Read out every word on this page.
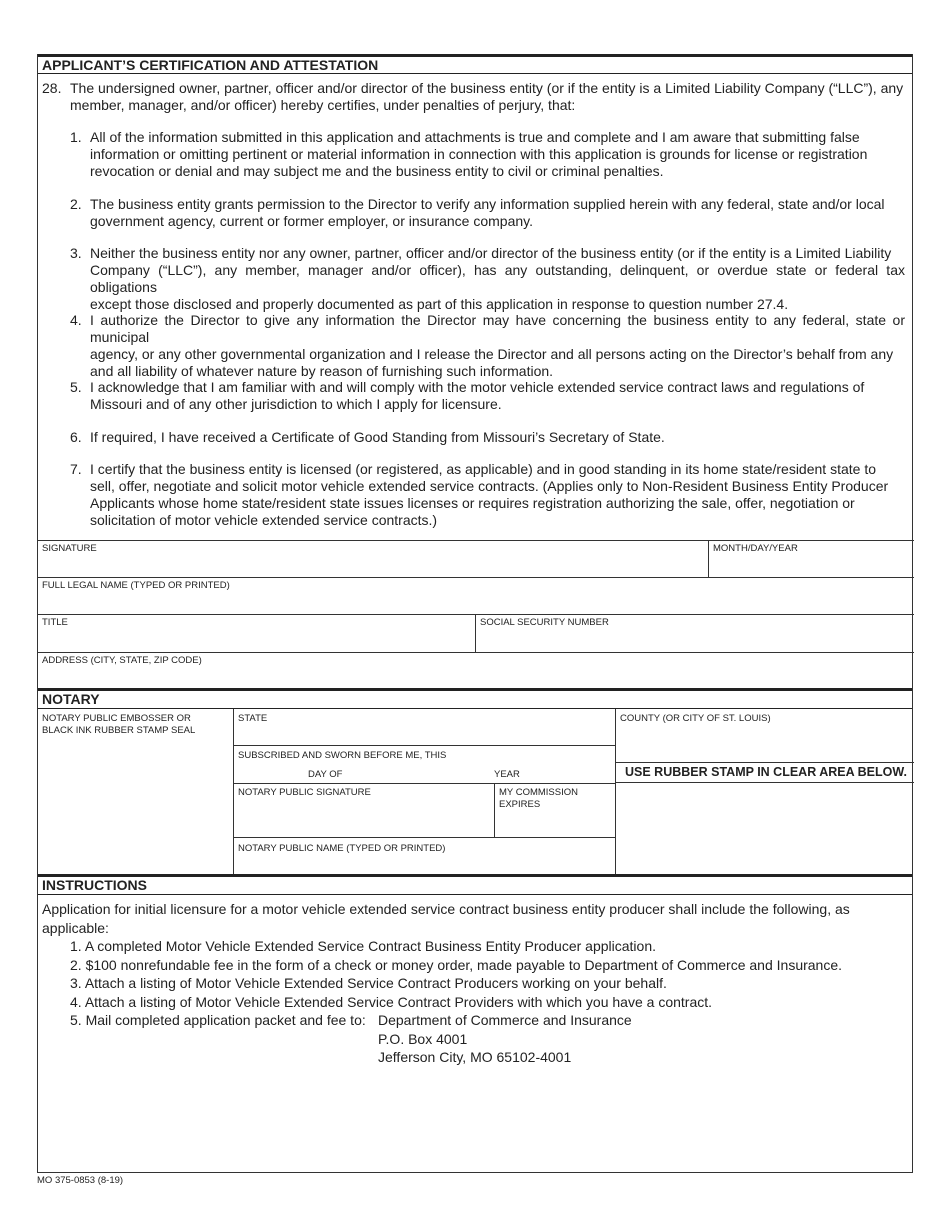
APPLICANT’S CERTIFICATION AND ATTESTATION
28. The undersigned owner, partner, officer and/or director of the business entity (or if the entity is a Limited Liability Company (“LLC”), any
member, manager, and/or officer) hereby certifies, under penalties of perjury, that:
1. All of the information submitted in this application and attachments is true and complete and I am aware that submitting false
information or omitting pertinent or material information in connection with this application is grounds for license or registration
revocation or denial and may subject me and the business entity to civil or criminal penalties.
2. The business entity grants permission to the Director to verify any information supplied herein with any federal, state and/or local
government agency, current or former employer, or insurance company.
3. Neither the business entity nor any owner, partner, officer and/or director of the business entity (or if the entity is a Limited Liability
Company (“LLC”), any member, manager and/or officer), has any outstanding, delinquent, or overdue state or federal tax obligations
except those disclosed and properly documented as part of this application in response to question number 27.4.
4. I authorize the Director to give any information the Director may have concerning the business entity to any federal, state or municipal
agency, or any other governmental organization and I release the Director and all persons acting on the Director’s behalf from any
and all liability of whatever nature by reason of furnishing such information.
5. I acknowledge that I am familiar with and will comply with the motor vehicle extended service contract laws and regulations of
Missouri and of any other jurisdiction to which I apply for licensure.
6. If required, I have received a Certificate of Good Standing from Missouri’s Secretary of State.
7. I certify that the business entity is licensed (or registered, as applicable) and in good standing in its home state/resident state to
sell, offer, negotiate and solicit motor vehicle extended service contracts. (Applies only to Non-Resident Business Entity Producer
Applicants whose home state/resident state issues licenses or requires registration authorizing the sale, offer, negotiation or
solicitation of motor vehicle extended service contracts.)
SIGNATURE	MONTH/DAY/YEAR
FULL LEGAL NAME (TYPED OR PRINTED)
TITLE	SOCIAL SECURITY NUMBER
ADDRESS (CITY, STATE, ZIP CODE)
NOTARY
NOTARY PUBLIC EMBOSSER OR
BLACK INK RUBBER STAMP SEAL
STATE	COUNTY (OR CITY OF ST. LOUIS)
SUBSCRIBED AND SWORN BEFORE ME, THIS
DAY OF	YEAR	USE RUBBER STAMP IN CLEAR AREA BELOW.
NOTARY PUBLIC SIGNATURE	MY COMMISSION
EXPIRES
NOTARY PUBLIC NAME (TYPED OR PRINTED)
INSTRUCTIONS
Application for initial licensure for a motor vehicle extended service contract business entity producer shall include the following, as
applicable:
1. A completed Motor Vehicle Extended Service Contract Business Entity Producer application.
2. $100 nonrefundable fee in the form of a check or money order, made payable to Department of Commerce and Insurance.
3. Attach a listing of Motor Vehicle Extended Service Contract Producers working on your behalf.
4. Attach a listing of Motor Vehicle Extended Service Contract Providers with which you have a contract.
5. Mail completed application packet and fee to: Department of Commerce and Insurance
P.O. Box 4001
Jefferson City, MO 65102-4001
MO 375-0853 (8-19)
